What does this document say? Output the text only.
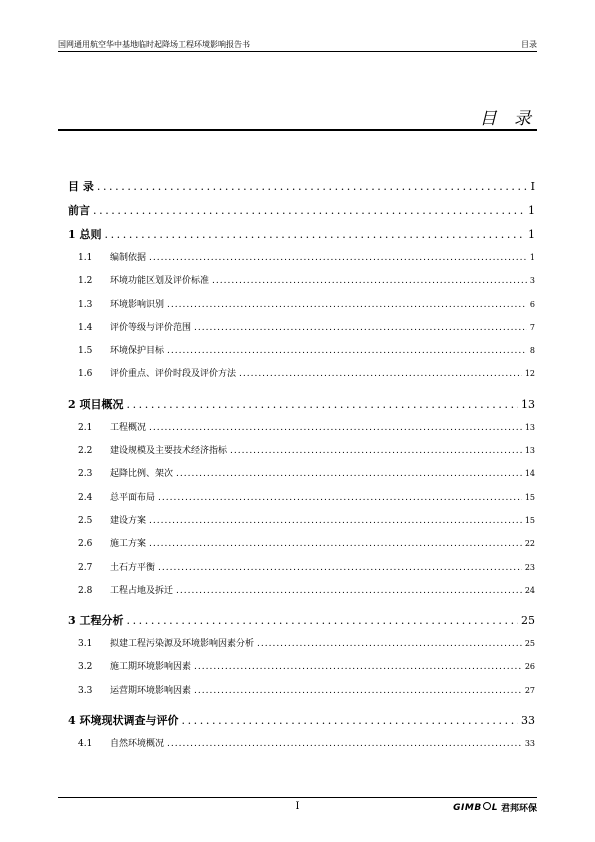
国网通用航空华中基地临时起降场工程环境影响报告书	目录
目 录
目 录 .....	I
前言 .....	1
1 总则 .....	1
1.1 编制依据 .....	1
1.2 环境功能区划及评价标准 .....	3
1.3 环境影响识别 .....	6
1.4 评价等级与评价范围 .....	7
1.5 环境保护目标 .....	8
1.6 评价重点、评价时段及评价方法 .....	12
2 项目概况 .....	13
2.1 工程概况 .....	13
2.2 建设规模及主要技术经济指标 .....	13
2.3 起降比例、架次 .....	14
2.4 总平面布局 .....	15
2.5 建设方案 .....	15
2.6 施工方案 .....	22
2.7 土石方平衡 .....	23
2.8 工程占地及拆迁 .....	24
3 工程分析 .....	25
3.1 拟建工程污染源及环境影响因素分析 .....	25
3.2 施工期环境影响因素 .....	26
3.3 运营期环境影响因素 .....	27
4 环境现状调查与评价 .....	33
4.1 自然环境概况 .....	33
I	GIMB L 君邦环保
